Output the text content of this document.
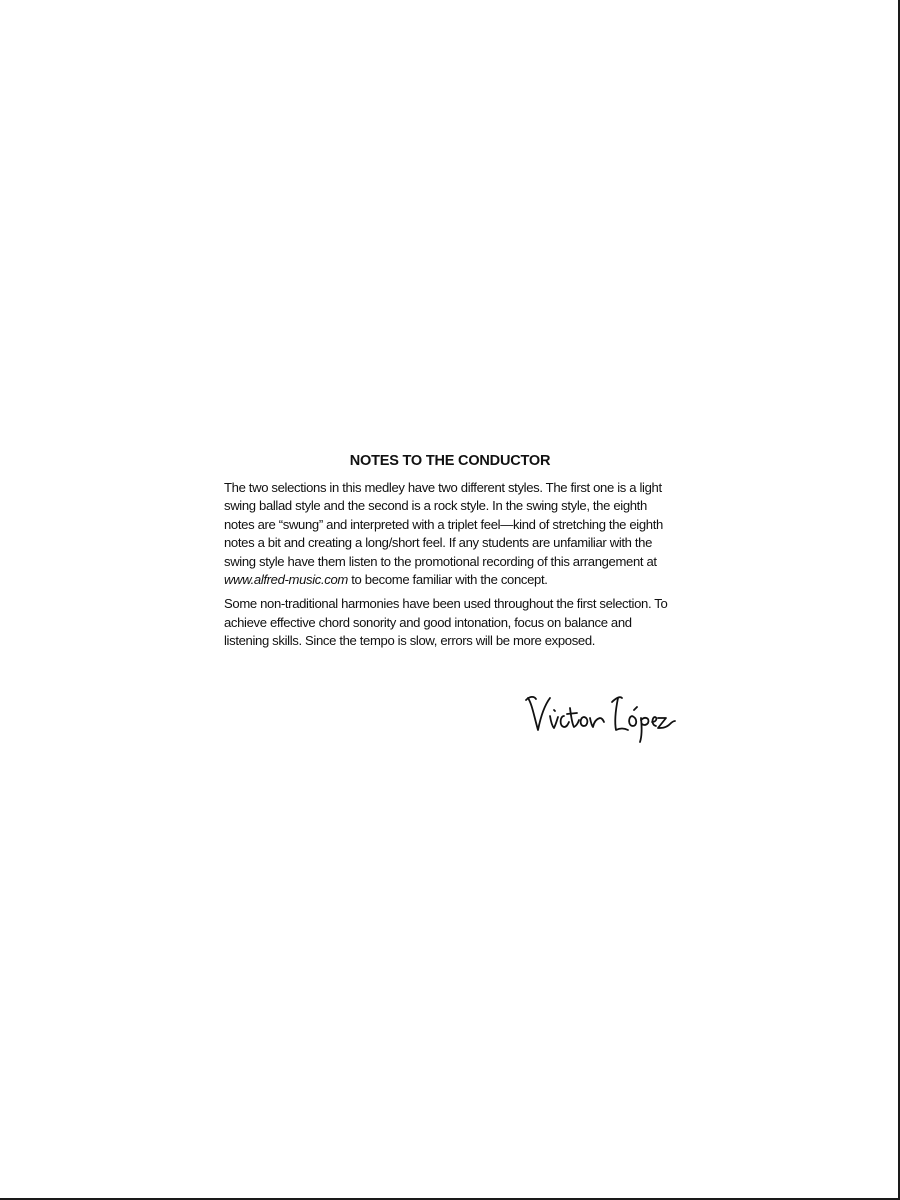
NOTES TO THE CONDUCTOR

The two selections in this medley have two different styles. The first one is a light swing ballad style and the second is a rock style. In the swing style, the eighth notes are “swung” and interpreted with a triplet feel—kind of stretching the eighth notes a bit and creating a long/short feel. If any students are unfamiliar with the swing style have them listen to the promotional recording of this arrangement at www.alfred-music.com to become familiar with the concept.

Some non-traditional harmonies have been used throughout the first selection. To achieve effective chord sonority and good intonation, focus on balance and listening skills. Since the tempo is slow, errors will be more exposed.
